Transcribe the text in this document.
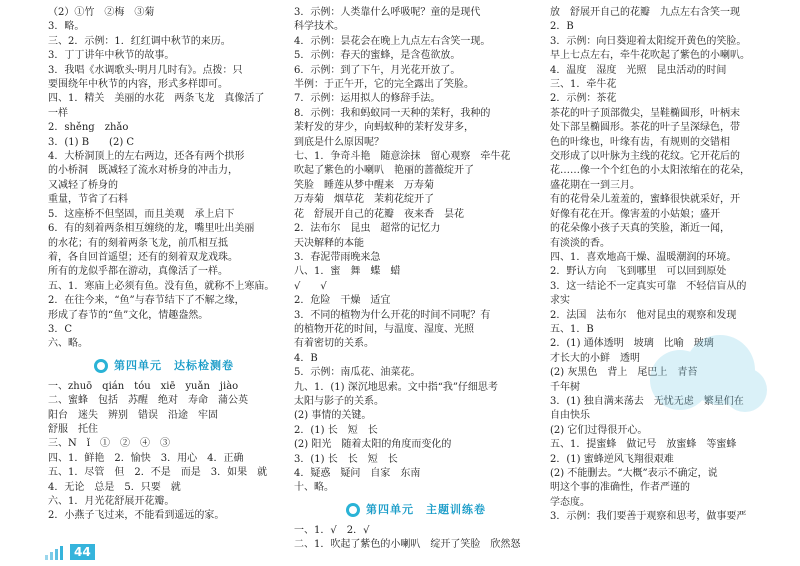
（2）①竹　②梅　③菊
3．略。
三、2．示例：1．红红调中秋节的来历。
3．丁丁讲年中秋节的故事。
3．我唱《水调歌头·明月几时有》。点拨：只
要围绕年中秋节的内容，形式多样即可。
四、1．精关　美丽的水花　两条飞龙　真像活了
一样
2．shěng　zhǎo
3．(1) B　　(2) C
4．大桥洞顶上的左右两边，还各有两个拱形
的小桥洞　既减轻了流水对桥身的冲击力，
又减轻了桥身的
重量，节省了石料
5．这座桥不但坚固，而且美观　承上启下
6．有的刻着两条相互缠绕的龙，嘴里吐出美丽
的水花；有的刻着两条飞龙，前爪相互抵
着，各自回首遥望；还有的刻着双龙戏珠。
所有的龙似乎都在游动，真像活了一样。
五、1．寒庙上必须有鱼。没有鱼，就称不上寒庙。
2．在往今来，“鱼”与春节结下了不解之缘，
形成了春节的“鱼”文化，情趣盎然。
3．C
六、略。
第四单元　达标检测卷
一、zhuō　qián　tóu　xiē　yuǎn　jiào
二、蜜蜂　包括　苏醒　绝对　寿命　蒲公英
阳台　迷失　辨别　错误　沿途　牢固
舒服　托住
三、N　ǐ　①　②　④　③
四、1．鲜艳　2．愉快　3．用心　4．正确
五、1．尽管　但　2．不是　而是　3．如果　就
4．无论　总是　5．只要　就
六、1．月光花舒展开花瓣。
2．小燕子飞过来，不能看到遥远的家。
3．示例：人类靠什么呼吸呢？童的是现代
科学技术。
4．示例：昙花会在晚上九点左右含笑一现。
5．示例：春天的蜜蜂，是含苞欲放。
6．示例：到了下午，月光花开放了。
半例：于正午开，它的完全露出了笑脸。
7．示例：运用拟人的修辞手法。
8．示例：我和蚂蚁同一天种的茉籽，我种的
茉籽发的芽少，向蚂蚁种的茉籽发芽多，
到底是什么原因呢？
七、1．争奇斗艳　随意涂抹　留心观察　牵牛花
吹起了紫色的小喇叭　艳丽的蔷薇绽开了
笑脸　睡莲从梦中醒来　万寿菊
万寿菊　烟草花　茉莉花绽开了
花　舒展开自己的花瓣　夜来香　昙花
2．法布尔　昆虫　超常的记忆力
天决解释的本能
3．春泥带雨晚来急
八、1．蜜　舞　蝶　蜡
√　　√
2．危险　干燥　适宜
3．不同的植物为什么开花的时间不同呢？有
的植物开花的时间，与温度、湿度、光照
有着密切的关系。
4．B
5．示例：南瓜花、油菜花。
九、1．(1) 深沉地思索。文中指“我”仔细思考
太阳与影子的关系。
(2) 事情的关键。
2．(1) 长　短　长
(2) 阳光　随着太阳的角度而变化的
3．(1) 长　长　短　长
4．疑惑　疑问　自家　东南
十、略。
第四单元　主题训练卷
一、1．√　2．√
二、1．吹起了紫色的小喇叭　绽开了笑脸　欣然怒
放　舒展开自己的花瓣　九点左右含笑一现
2．B
3．示例：向日葵迎着太阳绽开黄色的笑脸。
早上七点左右，牵牛花吹起了紫色的小喇叭。
4．温度　湿度　光照　昆虫活动的时间
三、1．牵牛花
2．示例：茶花
茶花的叶子顶部微尖，呈鞋椭圆形，叶柄末
处下部呈椭圆形。茶花的叶子呈深绿色，带
色的叶缘也，叶缘有齿，有规则的交错相
交形成了以叶脉为主线的花纹。它开花后的
花……像一个个红色的小太阳浓缩在的花朵，
盛花期在一到三月。
有的花骨朵儿羞羞的，蜜蜂很快就采好，开
好像有花在开。像害羞的小姑娘；盛开
的花朵像小孩子天真的笑脸，渐近一闻，
有淡淡的香。
四、1．喜欢地高干燥、温暖潮润的环境。
2．野认方向　飞到哪里　可以回到原处
3．这一结论不一定真实可靠　不轻信盲从的
求实
2．法国　法布尔　他对昆虫的观察和发现
五、1．B
2．(1) 通体透明　坡璃　比喻　玻璃
才长大的小鲜　透明
(2) 灰黑色　背上　尾巴上　青苔
千年树
3．(1) 独自满来荡去　无忧无虑　繁星们在
自由快乐
(2) 它们过得很开心。
五、1．提蜜蜂　做记号　放蜜蜂　等蜜蜂
2．(1) 蜜蜂逆风飞翔很艰难
(2) 不能删去。“大概”表示不确定，说
明这个事的准确性，作者严谨的
学态度。
3．示例：我们要善于观察和思考，做事要严
44
